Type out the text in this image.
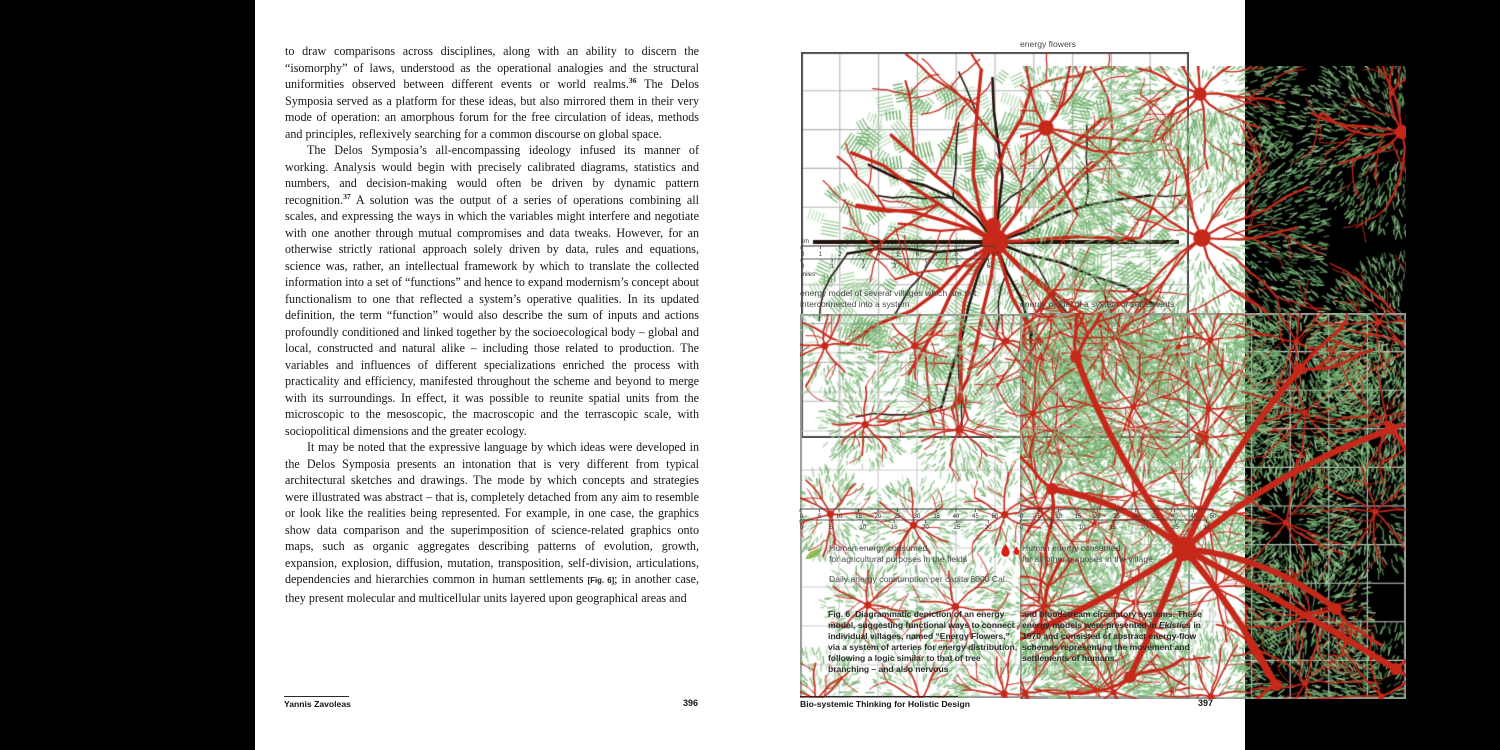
to draw comparisons across disciplines, along with an ability to discern the “isomorphy” of laws, understood as the operational analogies and the structural uniformities observed between different events or world realms.$^{36}$ The Delos Symposia served as a platform for these ideas, but also mirrored them in their very mode of operation: an amorphous forum for the free circulation of ideas, methods and principles, reflexively searching for a common discourse on global space.

The Delos Symposia’s all-encompassing ideology infused its manner of working. Analysis would begin with precisely calibrated diagrams, statistics and numbers, and decision-making would often be driven by dynamic pattern recognition.$^{37}$ A solution was the output of a series of operations combining all scales, and expressing the ways in which the variables might interfere and negotiate with one another through mutual compromises and data tweaks. However, for an otherwise strictly rational approach solely driven by data, rules and equations, science was, rather, an intellectual framework by which to translate the collected information into a set of “functions” and hence to expand modernism’s concept about functionalism to one that reflected a system’s operative qualities. In its updated definition, the term “function” would also describe the sum of inputs and actions profoundly conditioned and linked together by the socioecological body – global and local, constructed and natural alike – including those related to production. The variables and influences of different specializations enriched the process with practicality and efficiency, manifested throughout the scheme and beyond to merge with its surroundings. In effect, it was possible to reunite spatial units from the microscopic to the mesoscopic, the macroscopic and the terrascopic scale, with sociopolitical dimensions and the greater ecology.

It may be noted that the expressive language by which ideas were developed in the Delos Symposia presents an intonation that is very different from typical architectural sketches and drawings. The mode by which concepts and strategies were illustrated was abstract – that is, completely detached from any aim to resemble or look like the realities being represented. For example, in one case, the graphics show data comparison and the superimposition of science-related graphics onto maps, such as organic aggregates describing patterns of evolution, growth, expansion, explosion, diffusion, mutation, transposition, self-division, articulations, dependencies and hierarchies common in human settlements [Fig. 6]; in another case, they present molecular and multicellular units layered upon geographical areas and

Yannis Zavoleas	396
0 1	2	3	4	5	6	7	8	9 10
km
0	1	2	3	4	5	6
miles
energy flowers
energy model of several villages which are not interconnected into a system	energy model of a system of settlements
0 5 10 15 20 25 30 35 40 45 50
0	5	10	15	20	25	30
0 5 10 15 20 25 30 35 40 45 50
0	5	10	15	20	25	30
Human energy consumed
for agricultural purposes in the fields
Daily energy consumption per capita 8000 Cal.
Human energy consumed
for all other purposes in the village
Fig. 6 Diagrammatic depiction of an energy model, suggesting functional ways to connect individual villages, named “Energy Flowers,” via a system of arteries for energy distribution, following a logic similar to that of tree branching – and also nervous
and bloodstream circulatory systems. These energy models were presented in Ekistics in 1970 and consisted of abstract energy-flow schemes representing the movement and settlements of humans.
Bio-systemic Thinking for Holistic Design	397
